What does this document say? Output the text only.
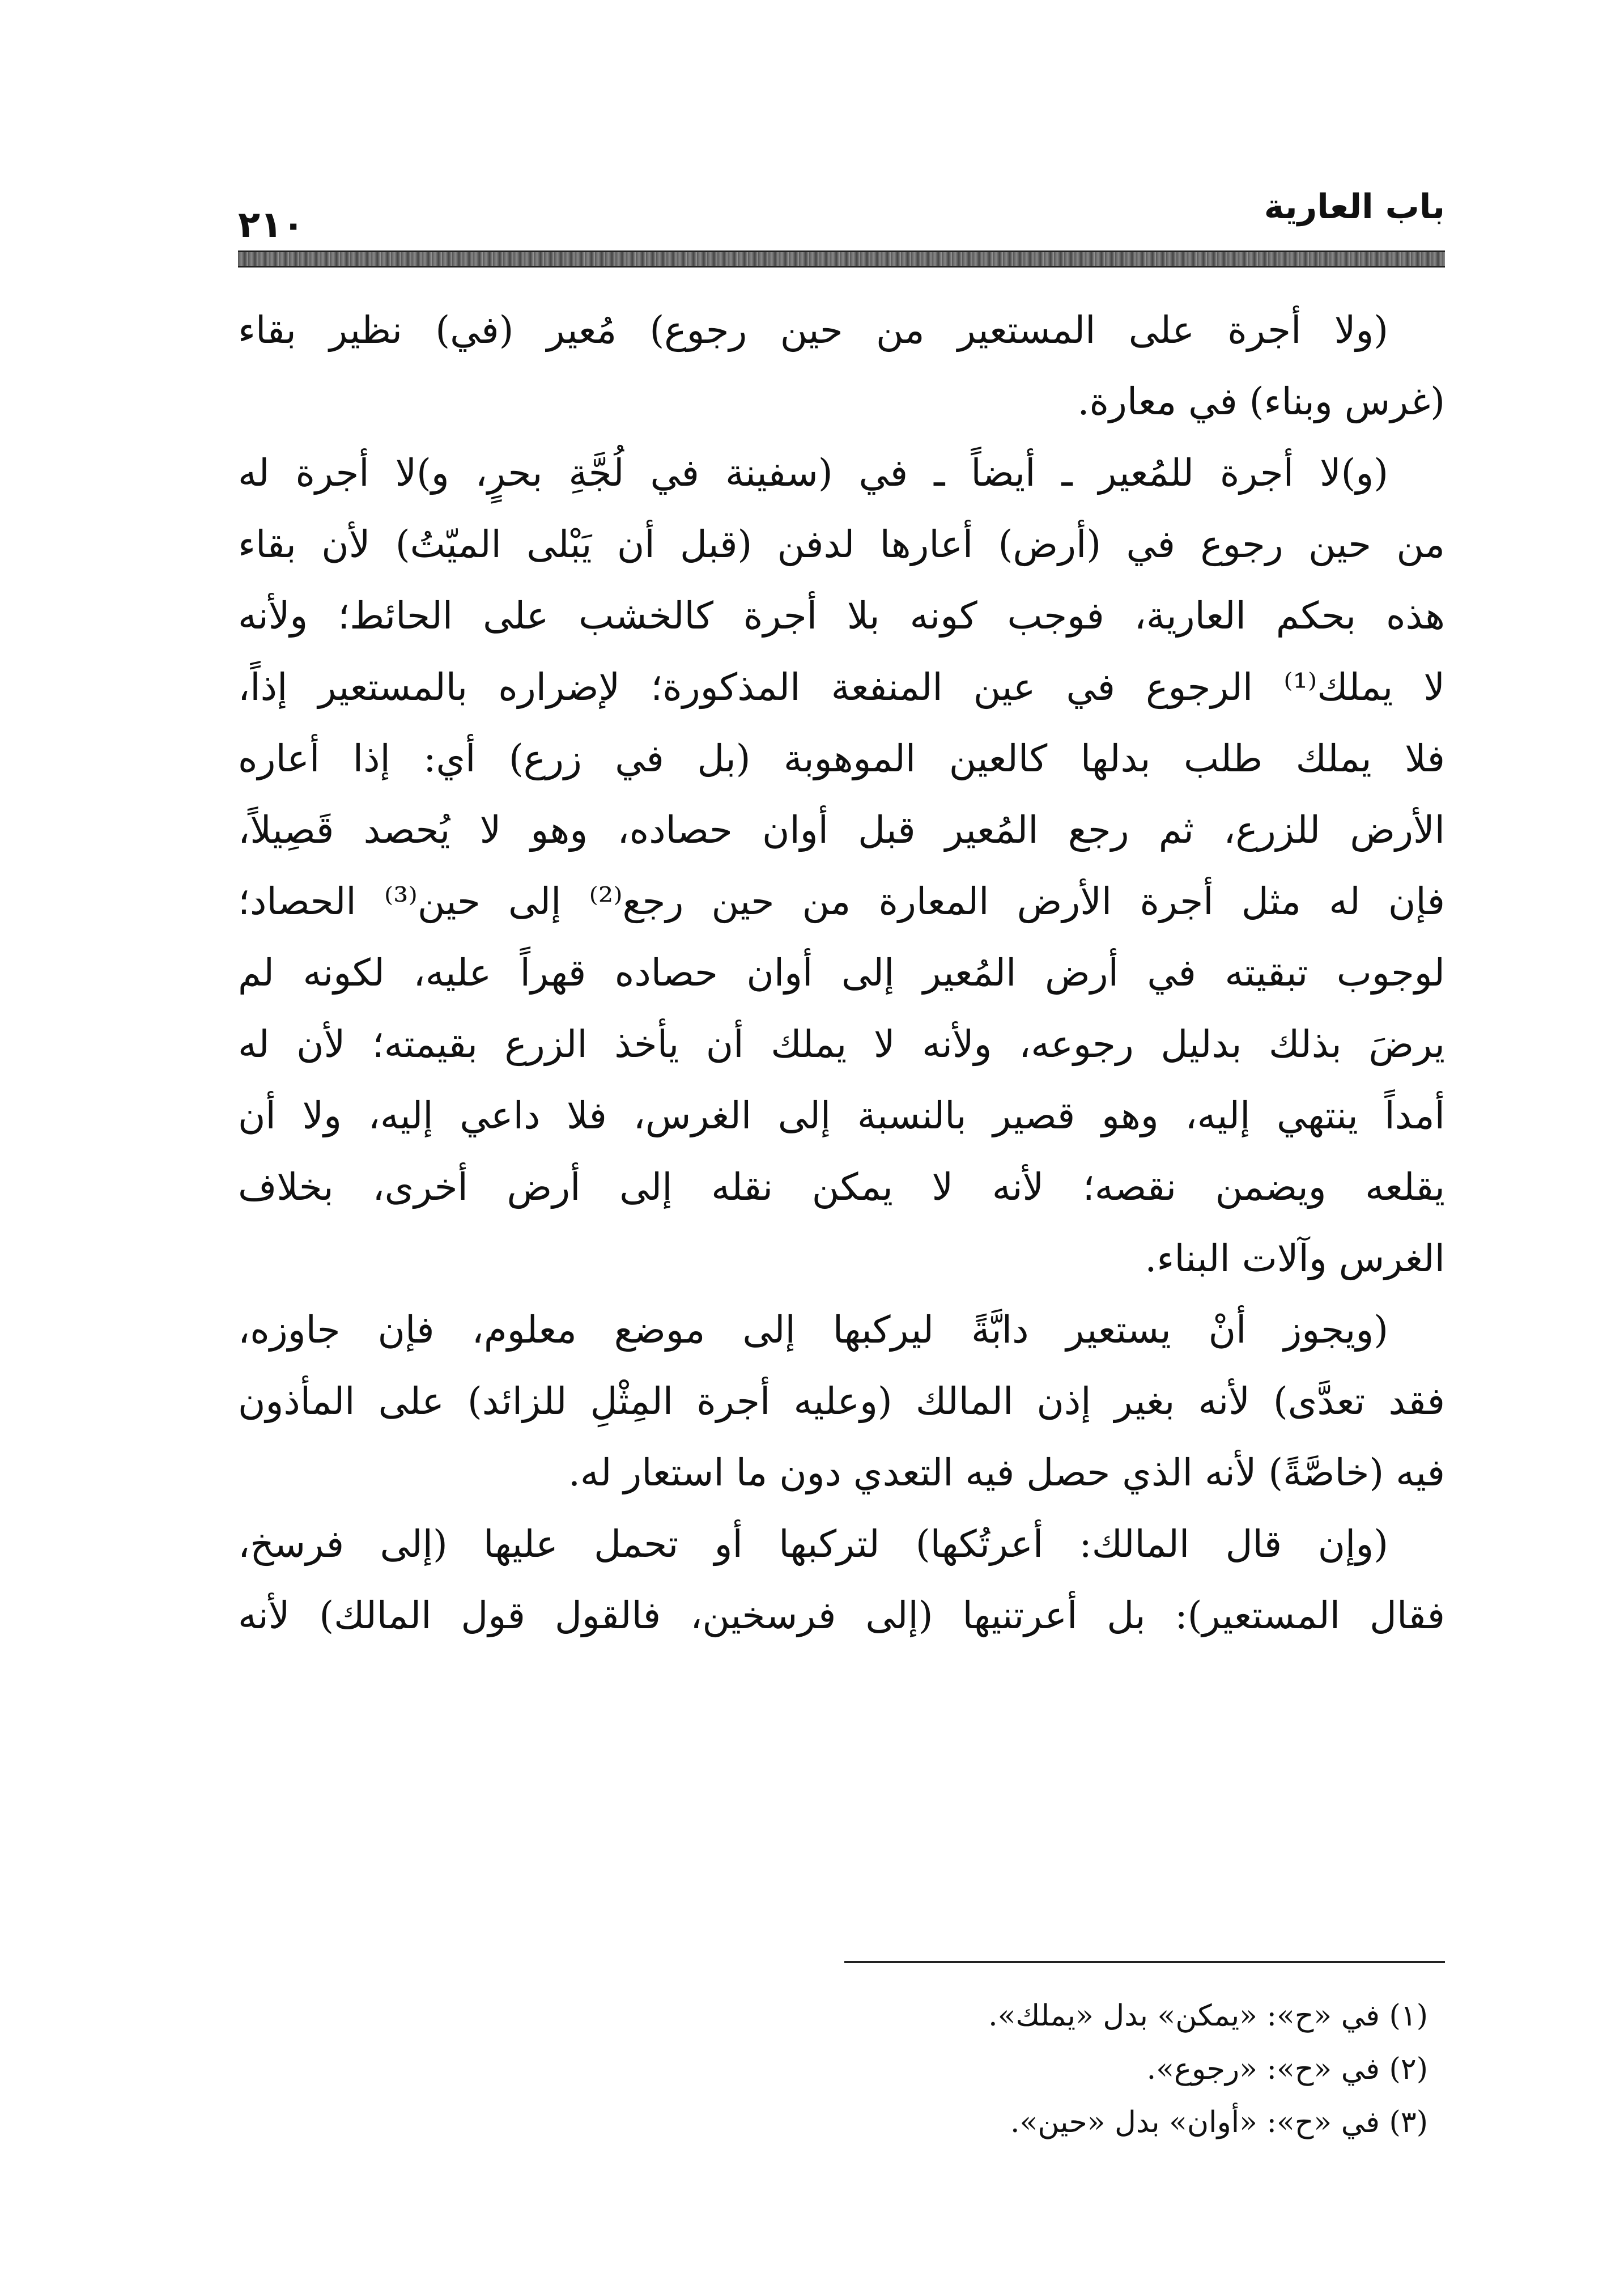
باب العارية
٢١٠
(ولا أجرة على المستعير من حين رجوع) مُعير (في) نظير بقاء
(غرس وبناء) في معارة.
(و)لا أجرة للمُعير ـ أيضاً ـ في (سفينة في لُجَّةِ بحرٍ، و)لا أجرة له
من حين رجوع في (أرض) أعارها لدفن (قبل أن يَبْلى الميّتُ) لأن بقاء
هذه بحكم العارية، فوجب كونه بلا أجرة كالخشب على الحائط؛ ولأنه
لا يملك⁽¹⁾ الرجوع في عين المنفعة المذكورة؛ لإضراره بالمستعير إذاً،
فلا يملك طلب بدلها كالعين الموهوبة (بل في زرع) أي: إذا أعاره
الأرض للزرع، ثم رجع المُعير قبل أوان حصاده، وهو لا يُحصد قَصِيلاً،
فإن له مثل أجرة الأرض المعارة من حين رجع⁽²⁾ إلى حين⁽³⁾ الحصاد؛
لوجوب تبقيته في أرض المُعير إلى أوان حصاده قهراً عليه، لكونه لم
يرضَ بذلك بدليل رجوعه، ولأنه لا يملك أن يأخذ الزرع بقيمته؛ لأن له
أمداً ينتهي إليه، وهو قصير بالنسبة إلى الغرس، فلا داعي إليه، ولا أن
يقلعه ويضمن نقصه؛ لأنه لا يمكن نقله إلى أرض أخرى، بخلاف
الغرس وآلات البناء.
(ويجوز أنْ يستعير دابَّةً ليركبها إلى موضع معلوم، فإن جاوزه،
فقد تعدَّى) لأنه بغير إذن المالك (وعليه أجرة المِثْلِ للزائد) على المأذون
فيه (خاصَّةً) لأنه الذي حصل فيه التعدي دون ما استعار له.
(وإن قال المالك: أعرتُكها) لتركبها أو تحمل عليها (إلى فرسخ،
فقال المستعير): بل أعرتنيها (إلى فرسخين، فالقول قول المالك) لأنه
(١) في «ح»: «يمكن» بدل «يملك».
(٢) في «ح»: «رجوع».
(٣) في «ح»: «أوان» بدل «حين».
